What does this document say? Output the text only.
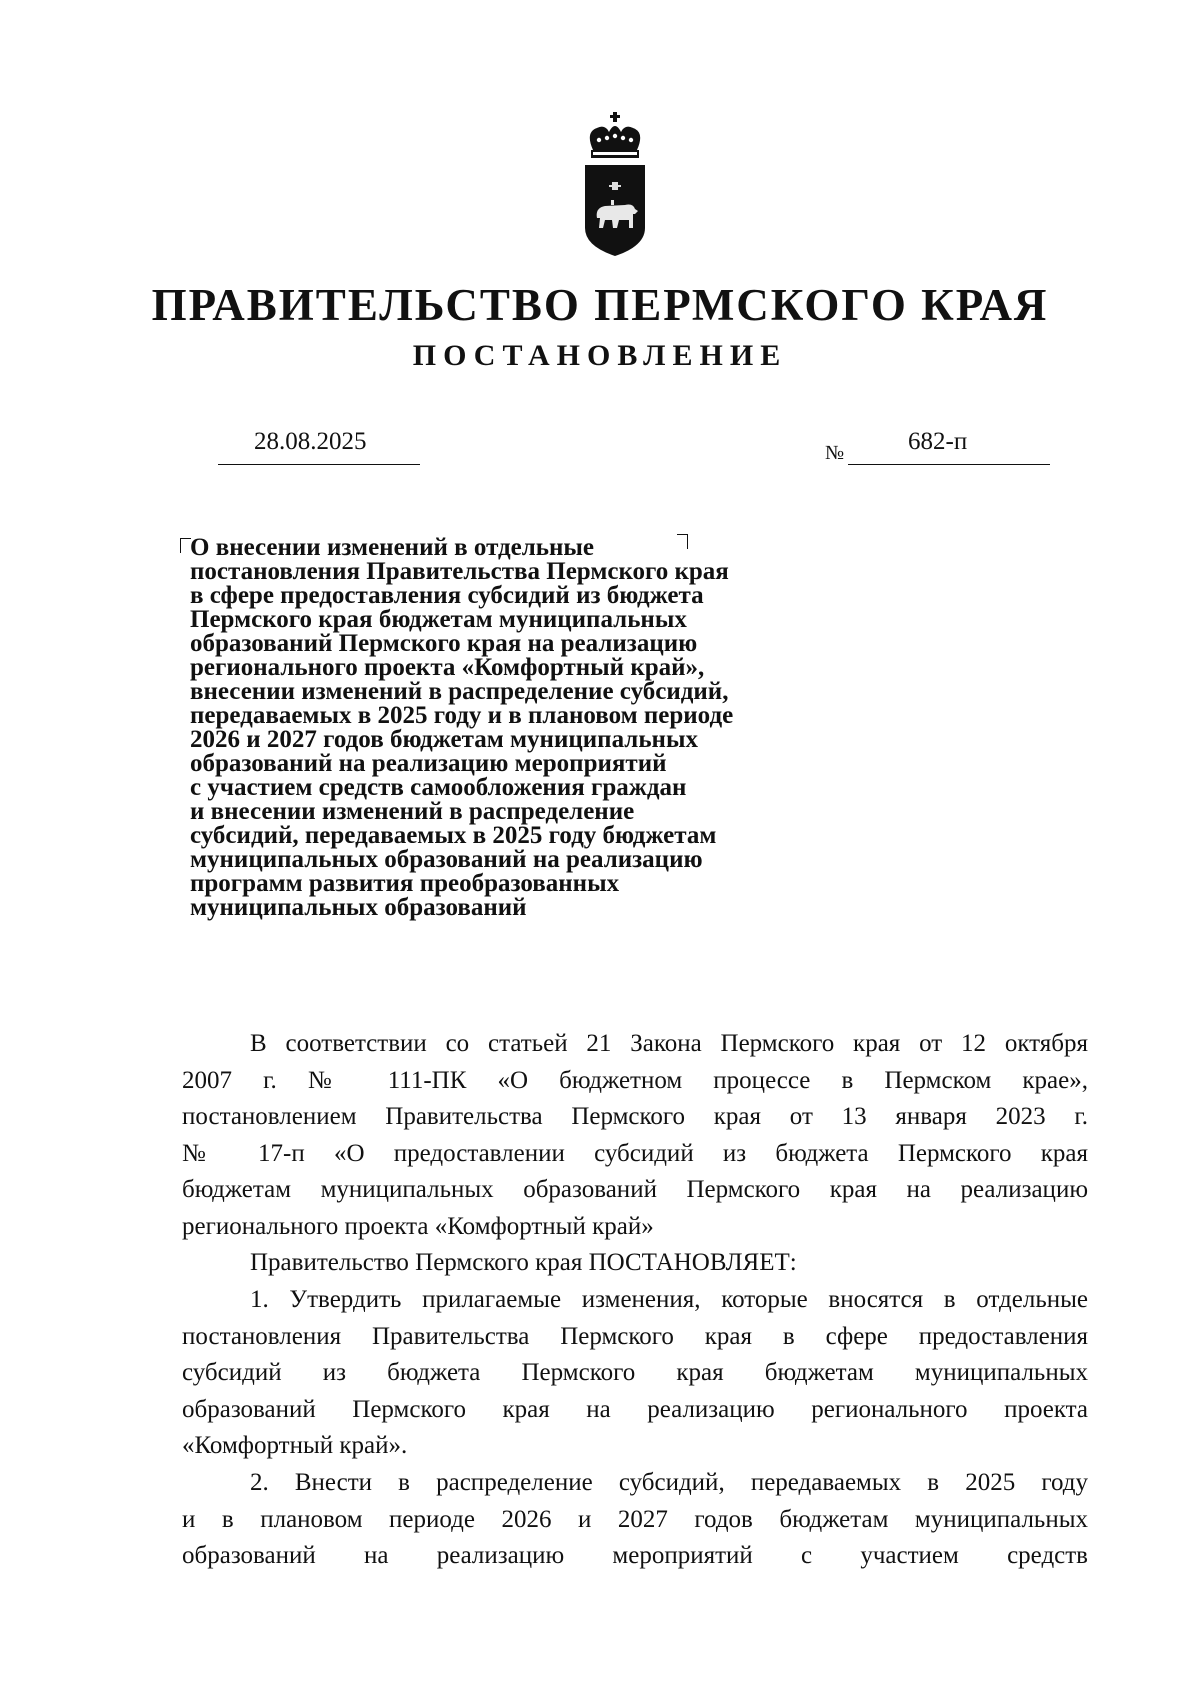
ПРАВИТЕЛЬСТВО ПЕРМСКОГО КРАЯ
ПОСТАНОВЛЕНИЕ
28.08.2025	№	682-п
О внесении изменений в отдельные
постановления Правительства Пермского края
в сфере предоставления субсидий из бюджета
Пермского края бюджетам муниципальных
образований Пермского края на реализацию
регионального проекта «Комфортный край»,
внесении изменений в распределение субсидий,
передаваемых в 2025 году и в плановом периоде
2026 и 2027 годов бюджетам муниципальных
образований на реализацию мероприятий
с участием средств самообложения граждан
и внесении изменений в распределение
субсидий, передаваемых в 2025 году бюджетам
муниципальных образований на реализацию
программ развития преобразованных
муниципальных образований
В соответствии со статьей 21 Закона Пермского края от 12 октября
2007 г. № 111-ПК «О бюджетном процессе в Пермском крае»,
постановлением Правительства Пермского края от 13 января 2023 г.
№ 17-п «О предоставлении субсидий из бюджета Пермского края
бюджетам муниципальных образований Пермского края на реализацию
регионального проекта «Комфортный край»
Правительство Пермского края ПОСТАНОВЛЯЕТ:
1. Утвердить прилагаемые изменения, которые вносятся в отдельные
постановления Правительства Пермского края в сфере предоставления
субсидий из бюджета Пермского края бюджетам муниципальных
образований Пермского края на реализацию регионального проекта
«Комфортный край».
2. Внести в распределение субсидий, передаваемых в 2025 году
и в плановом периоде 2026 и 2027 годов бюджетам муниципальных
образований на реализацию мероприятий с участием средств
